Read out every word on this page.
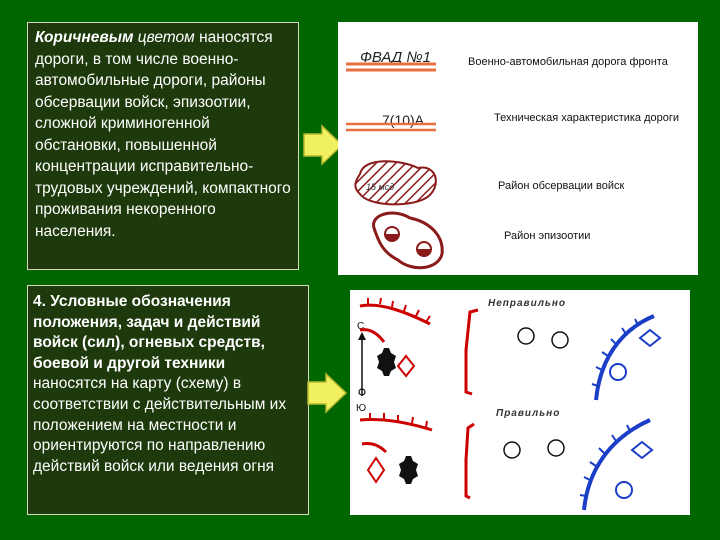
Коричневым цветом наносятся дороги, в том числе военно-автомобильные дороги, районы обсервации войск, эпизоотии, сложной криминогенной обстановки, повышенной концентрации исправительно-трудовых учреждений, компактного проживания некоренного населения.
4. Условные обозначения положения, задач и действий войск (сил), огневых средств, боевой и другой техники наносятся на карту (схему) в соответствии с действительным их положением на местности и ориентируются по направлению действий войск или ведения огня
ФВАД №1
7(10)А
15 мсд
Военно-автомобильная дорога фронта
Техническая характеристика дороги
Район обсервации войск
Район эпизоотии
С
Ю
Неправильно
Правильно
